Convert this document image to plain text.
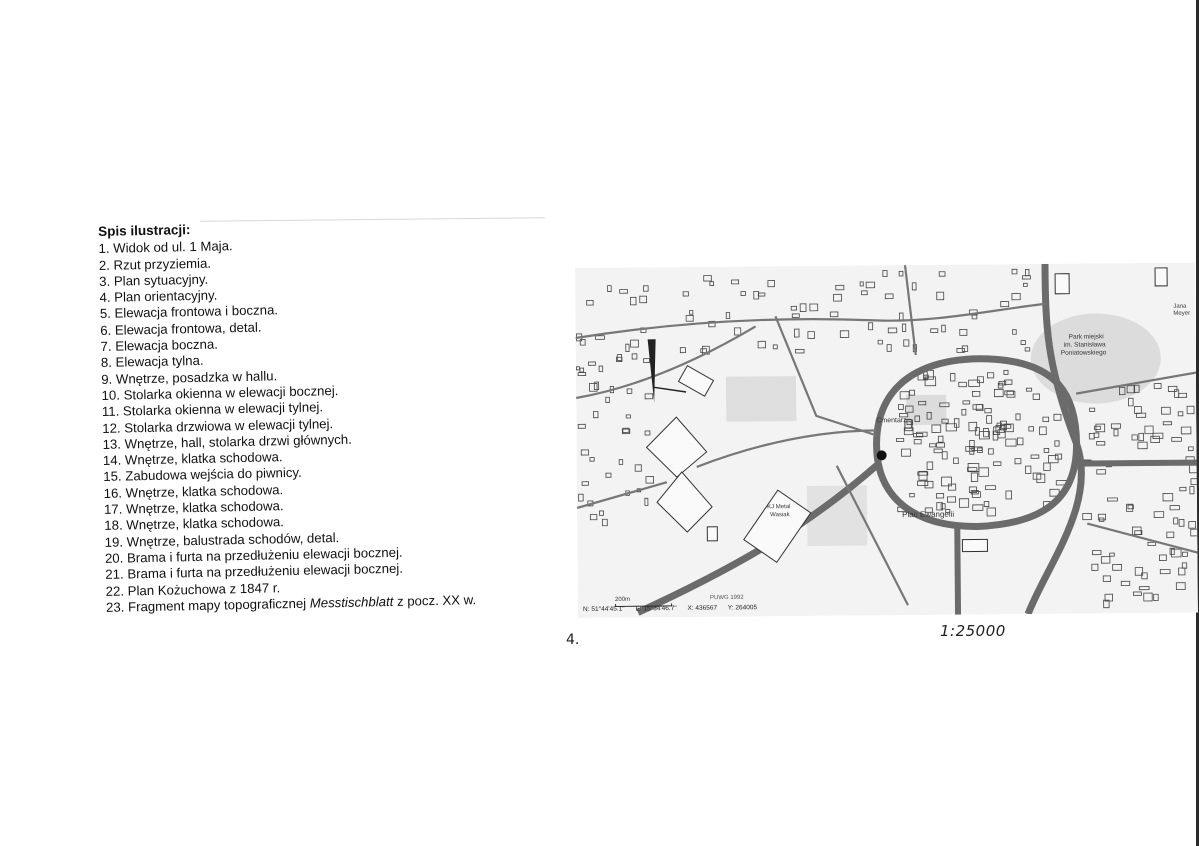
Spis ilustracji:
1. Widok od ul. 1 Maja.
2. Rzut przyziemia.
3. Plan sytuacyjny.
4. Plan orientacyjny.
5. Elewacja frontowa i boczna.
6. Elewacja frontowa, detal.
7. Elewacja boczna.
8. Elewacja tylna.
9. Wnętrze, posadzka w hallu.
10. Stolarka okienna w elewacji bocznej.
11. Stolarka okienna w elewacji tylnej.
12. Stolarka drzwiowa w elewacji tylnej.
13. Wnętrze, hall, stolarka drzwi głównych.
14. Wnętrze, klatka schodowa.
15. Zabudowa wejścia do piwnicy.
16. Wnętrze, klatka schodowa.
17. Wnętrze, klatka schodowa.
18. Wnętrze, klatka schodowa.
19. Wnętrze, balustrada schodów, detal.
20. Brama i furta na przedłużeniu elewacji bocznej.
21. Brama i furta na przedłużeniu elewacji bocznej.
22. Plan Kożuchowa z 1847 r.
23. Fragment mapy topograficznej Messtischblatt z pocz. XX w.
Park miejski
im. Stanisława
Poniatowskiego
Cmentarz
Plac Ewangelii
KJ Metal
Wasiak
Jana
Meyer
200m	PUWG 1992
N: 51°44'45.1" E: 15°34'46.7" X: 436567 Y: 264005
4.	1:25000
